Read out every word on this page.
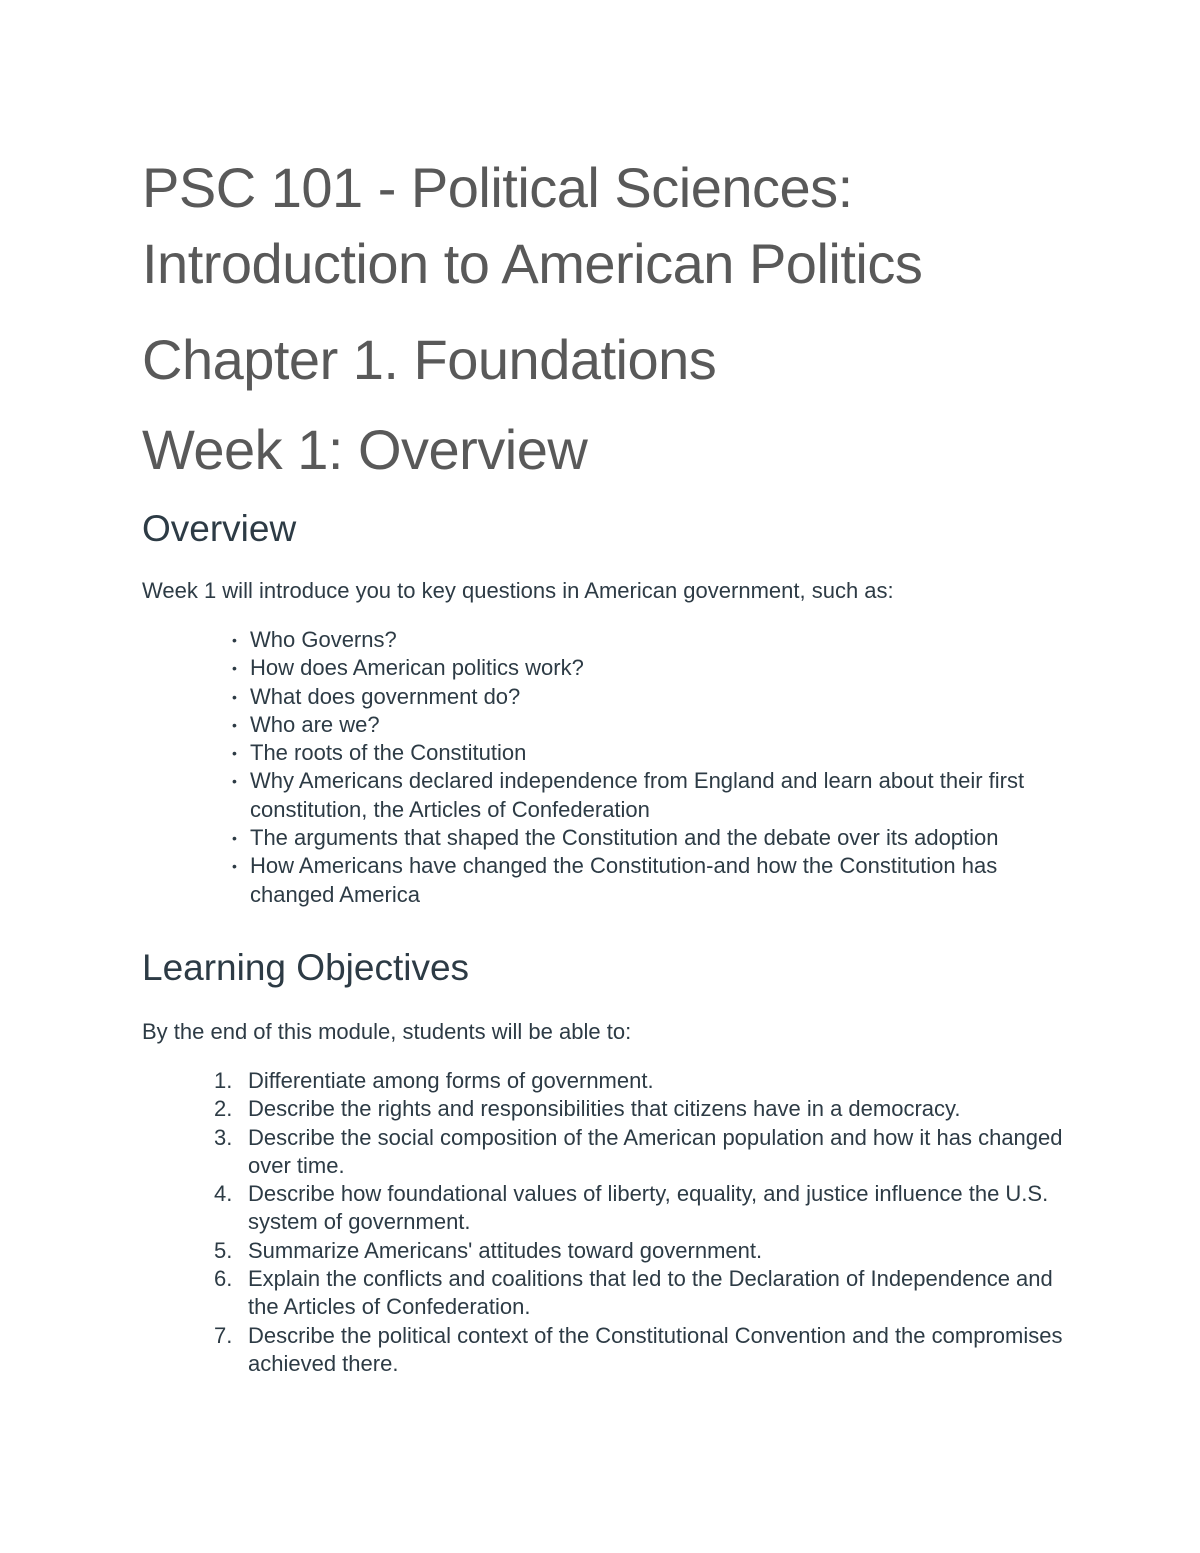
PSC 101 - Political Sciences:
Introduction to American Politics
Chapter 1. Foundations
Week 1: Overview
Overview

Week 1 will introduce you to key questions in American government, such as:

• Who Governs?
• How does American politics work?
• What does government do?
• Who are we?
• The roots of the Constitution
• Why Americans declared independence from England and learn about their first constitution, the Articles of Confederation
• The arguments that shaped the Constitution and the debate over its adoption
• How Americans have changed the Constitution-and how the Constitution has changed America
Learning Objectives

By the end of this module, students will be able to:

1. Differentiate among forms of government.
2. Describe the rights and responsibilities that citizens have in a democracy.
3. Describe the social composition of the American population and how it has changed over time.
4. Describe how foundational values of liberty, equality, and justice influence the U.S. system of government.
5. Summarize Americans' attitudes toward government.
6. Explain the conflicts and coalitions that led to the Declaration of Independence and the Articles of Confederation.
7. Describe the political context of the Constitutional Convention and the compromises achieved there.
